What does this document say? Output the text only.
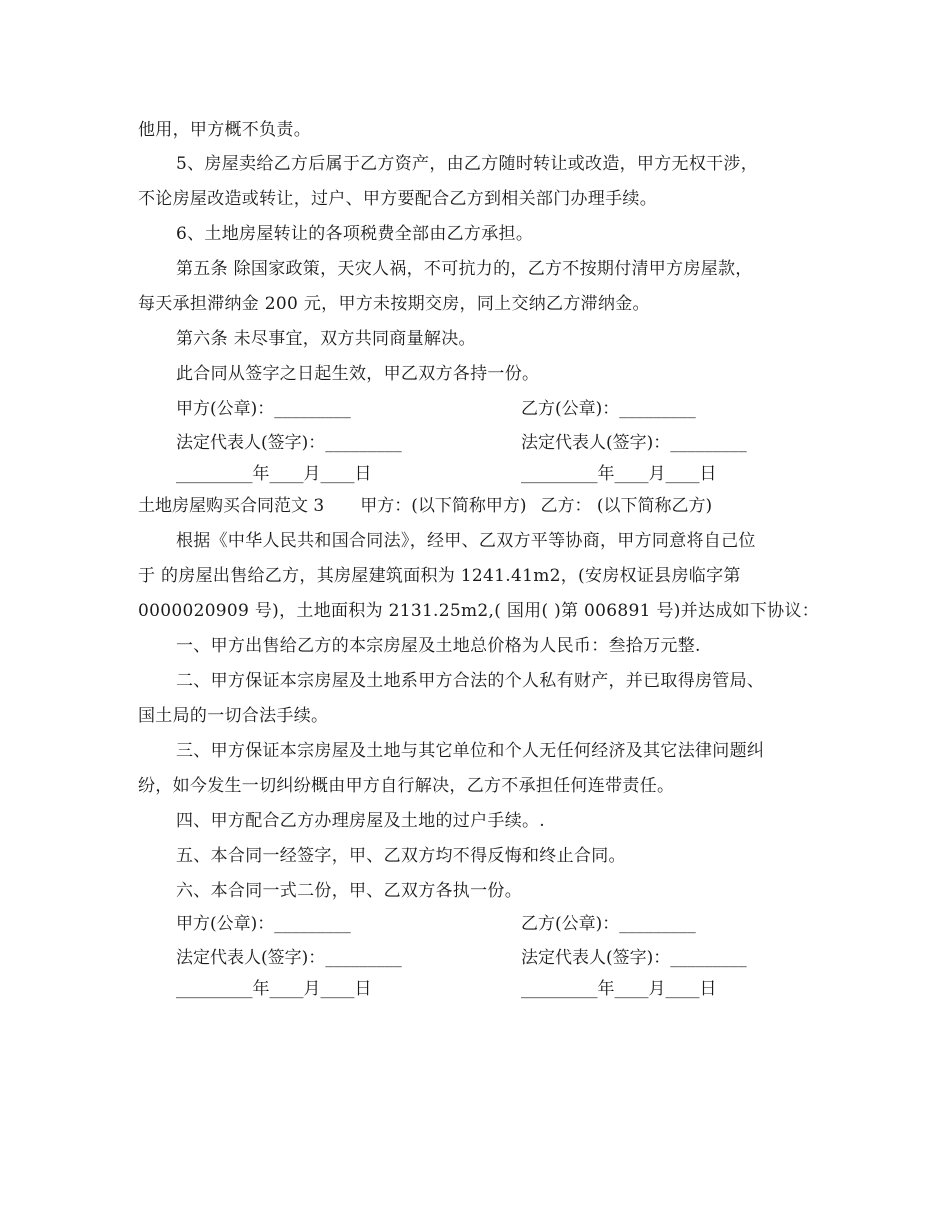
他用，甲方概不负责。
5、房屋卖给乙方后属于乙方资产，由乙方随时转让或改造，甲方无权干涉，
不论房屋改造或转让，过户、甲方要配合乙方到相关部门办理手续。
6、土地房屋转让的各项税费全部由乙方承担。
第五条 除国家政策，天灾人祸，不可抗力的，乙方不按期付清甲方房屋款，
每天承担滞纳金 200 元，甲方未按期交房，同上交纳乙方滞纳金。
第六条 未尽事宜，双方共同商量解决。
此合同从签字之日起生效，甲乙双方各持一份。
甲方(公章)：_________	乙方(公章)：_________
法定代表人(签字)：_________	法定代表人(签字)：_________
_________年____月____日	_________年____月____日
土地房屋购买合同范文 3 甲方：(以下简称甲方) 乙方： (以下简称乙方)
根据《中华人民共和国合同法》，经甲、乙双方平等协商，甲方同意将自己位
于 的房屋出售给乙方，其房屋建筑面积为 1241.41m2，(安房权证县房临字第
0000020909 号)，土地面积为 2131.25m2,( 国用( )第 006891 号)并达成如下协议：
一、甲方出售给乙方的本宗房屋及土地总价格为人民币：叁拾万元整.
二、甲方保证本宗房屋及土地系甲方合法的个人私有财产，并已取得房管局、
国土局的一切合法手续。
三、甲方保证本宗房屋及土地与其它单位和个人无任何经济及其它法律问题纠
纷，如今发生一切纠纷概由甲方自行解决，乙方不承担任何连带责任。
四、甲方配合乙方办理房屋及土地的过户手续。.
五、本合同一经签字，甲、乙双方均不得反悔和终止合同。
六、本合同一式二份，甲、乙双方各执一份。
甲方(公章)：_________	乙方(公章)：_________
法定代表人(签字)：_________	法定代表人(签字)：_________
_________年____月____日	_________年____月____日
